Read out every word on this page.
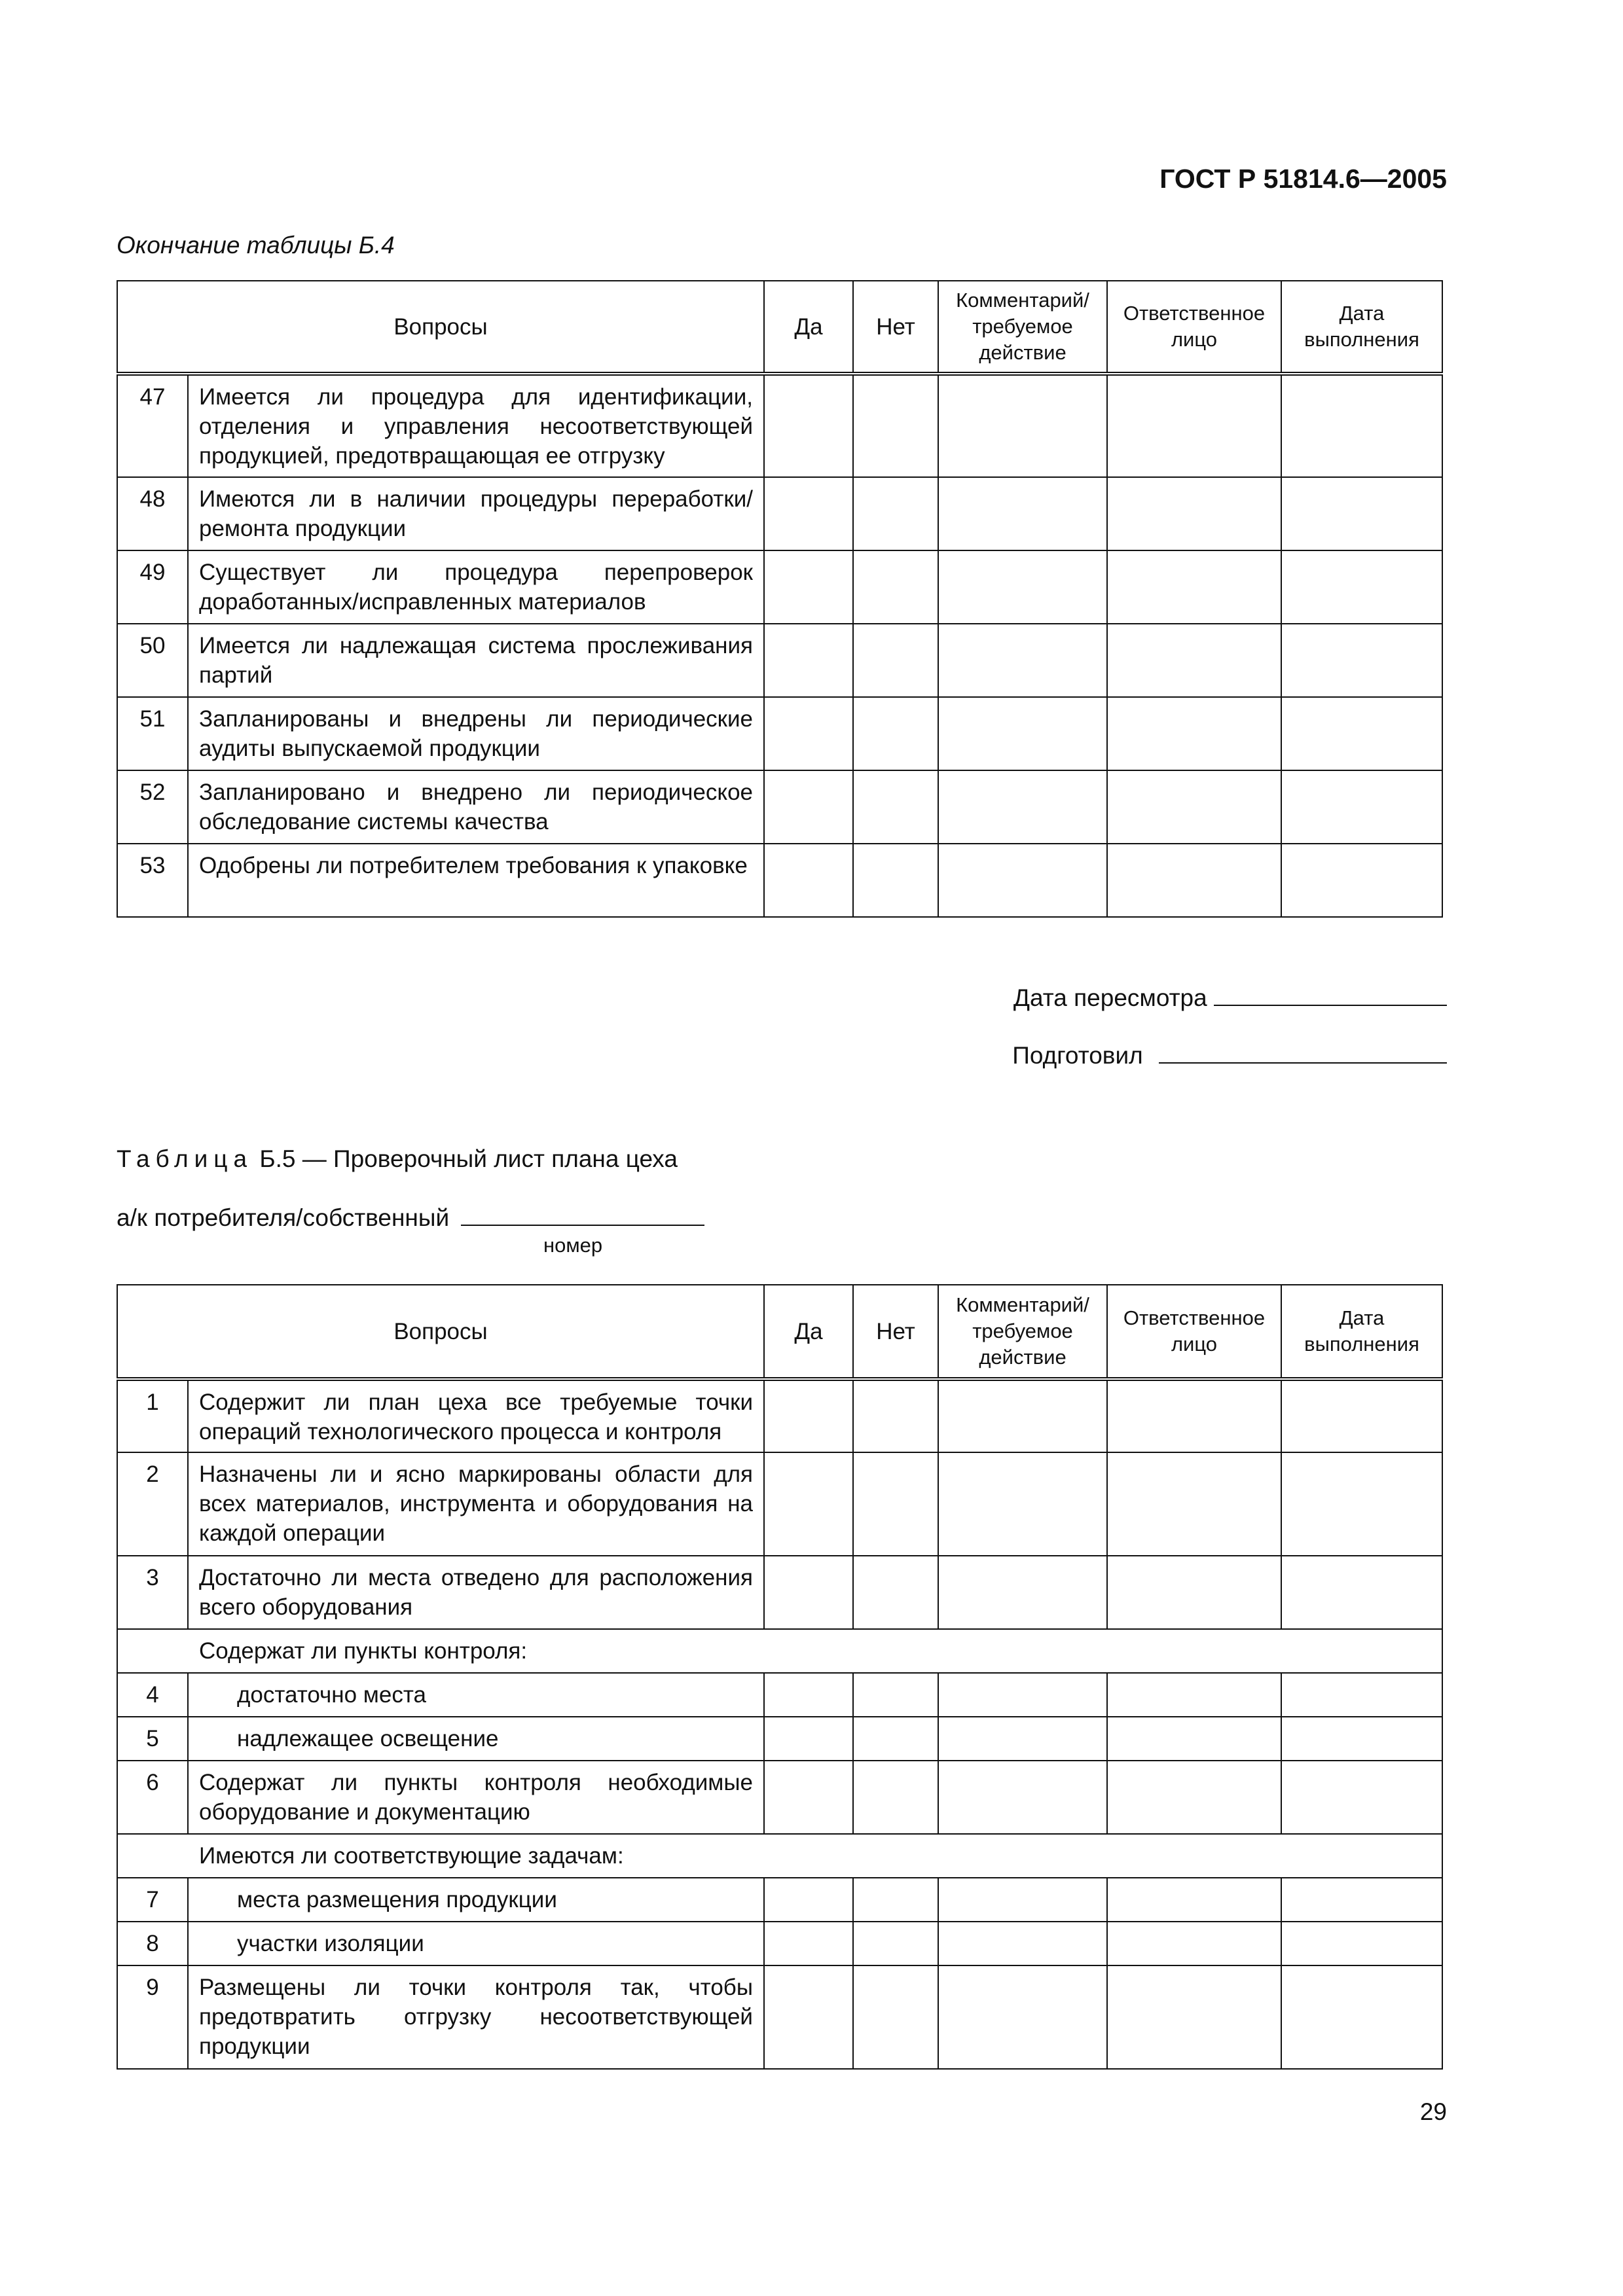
ГОСТ Р 51814.6—2005
Окончание таблицы Б.4
Вопросы		Да	Нет	Комментарий/
требуемое
действие	Ответственное
лицо	Дата
выполнения
47	Имеется ли процедура для идентификации, отделения и управления несоответствующей продукцией, предотвращающая ее отгрузку					
48	Имеются ли в наличии процедуры переработки/ремонта продукции					
49	Существует ли процедура перепроверок доработанных/исправленных материалов					
50	Имеется ли надлежащая система прослеживания партий					
51	Запланированы и внедрены ли периодические аудиты выпускаемой продукции					
52	Запланировано и внедрено ли периодическое обследование системы качества					
53	Одобрены ли потребителем требования к упаковке					
Дата пересмотра
Подготовил
Таблица Б.5 — Проверочный лист плана цеха
а/к потребителя/собственный
номер
Вопросы		Да	Нет	Комментарий/
требуемое
действие	Ответственное
лицо	Дата
выполнения
1	Содержит ли план цеха все требуемые точки операций технологического процесса и контроля					
2	Назначены ли и ясно маркированы области для всех материалов, инструмента и оборудования на каждой операции					
3	Достаточно ли места отведено для расположения всего оборудования					
Содержат ли пункты контроля:						
4	достаточно места					
5	надлежащее освещение					
6	Содержат ли пункты контроля необходимые оборудование и документацию					
Имеются ли соответствующие задачам:						
7	места размещения продукции					
8	участки изоляции					
9	Размещены ли точки контроля так, чтобы предотвратить отгрузку несоответствующей продукции					
29
